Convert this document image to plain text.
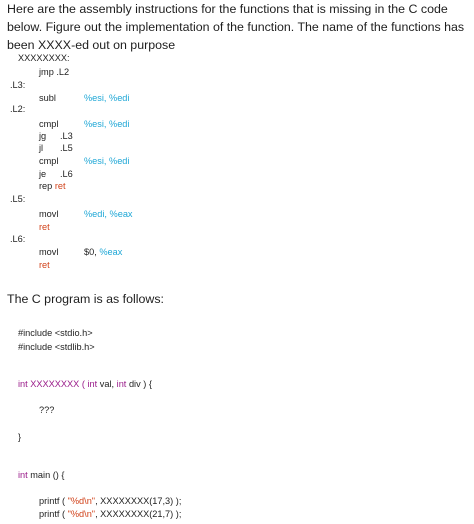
Here are the assembly instructions for the functions that is missing in the C code below. Figure out the implementation of the function. The name of the functions has been XXXX-ed out on purpose
XXXXXXXX:
jmp .L2
.L3:
subl	%esi, %edi
.L2:
cmpl	%esi, %edi
jg .L3
jl .L5
cmpl	%esi, %edi
je .L6
rep ret
.L5:
movl	%edi, %eax
ret
.L6:
movl	$0, %eax
ret
The C program is as follows:
#include <stdio.h>
#include <stdlib.h>
int XXXXXXXX ( int val, int div ) {
???
}
int main () {
printf ( "%d\n", XXXXXXXX(17,3) );
printf ( "%d\n", XXXXXXXX(21,7) );
